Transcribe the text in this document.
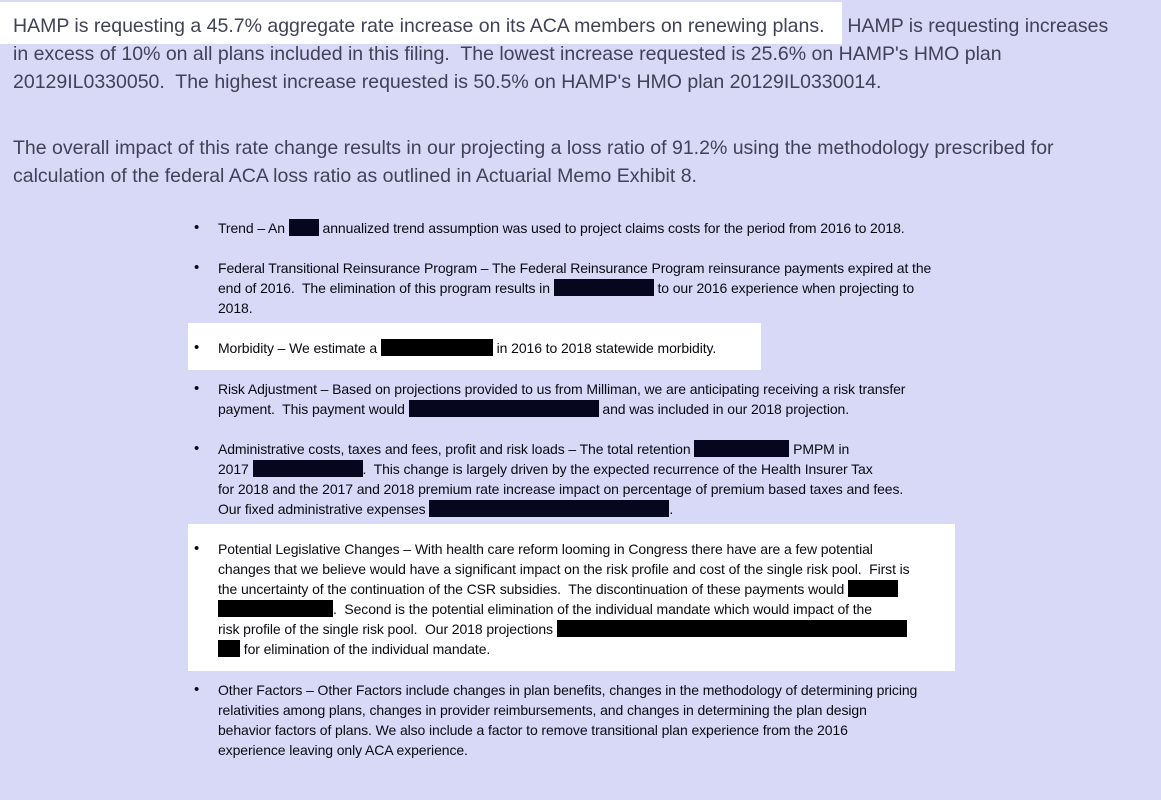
HAMP is requesting a 45.7% aggregate rate increase on its ACA members on renewing plans.  HAMP is requesting increases
in excess of 10% on all plans included in this filing.  The lowest increase requested is 25.6% on HAMP's HMO plan
20129IL0330050.  The highest increase requested is 50.5% on HAMP's HMO plan 20129IL0330014.
The overall impact of this rate change results in our projecting a loss ratio of 91.2% using the methodology prescribed for
calculation of the federal ACA loss ratio as outlined in Actuarial Memo Exhibit 8.
• Trend – An  annualized trend assumption was used to project claims costs for the period from 2016 to 2018.
• Federal Transitional Reinsurance Program – The Federal Reinsurance Program reinsurance payments expired at the
end of 2016.  The elimination of this program results in	to our 2016 experience when projecting to
2018.
• Morbidity – We estimate a	in 2016 to 2018 statewide morbidity.
• Risk Adjustment – Based on projections provided to us from Milliman, we are anticipating receiving a risk transfer
payment.  This payment would	and was included in our 2018 projection.
• Administrative costs, taxes and fees, profit and risk loads – The total retention	PMPM in
2017	.  This change is largely driven by the expected recurrence of the Health Insurer Tax
for 2018 and the 2017 and 2018 premium rate increase impact on percentage of premium based taxes and fees.
Our fixed administrative expenses	.
• Potential Legislative Changes – With health care reform looming in Congress there have are a few potential
changes that we believe would have a significant impact on the risk profile and cost of the single risk pool.  First is
the uncertainty of the continuation of the CSR subsidies.  The discontinuation of these payments would
.  Second is the potential elimination of the individual mandate which would impact of the
risk profile of the single risk pool.  Our 2018 projections
for elimination of the individual mandate.
• Other Factors – Other Factors include changes in plan benefits, changes in the methodology of determining pricing
relativities among plans, changes in provider reimbursements, and changes in determining the plan design
behavior factors of plans. We also include a factor to remove transitional plan experience from the 2016
experience leaving only ACA experience.
